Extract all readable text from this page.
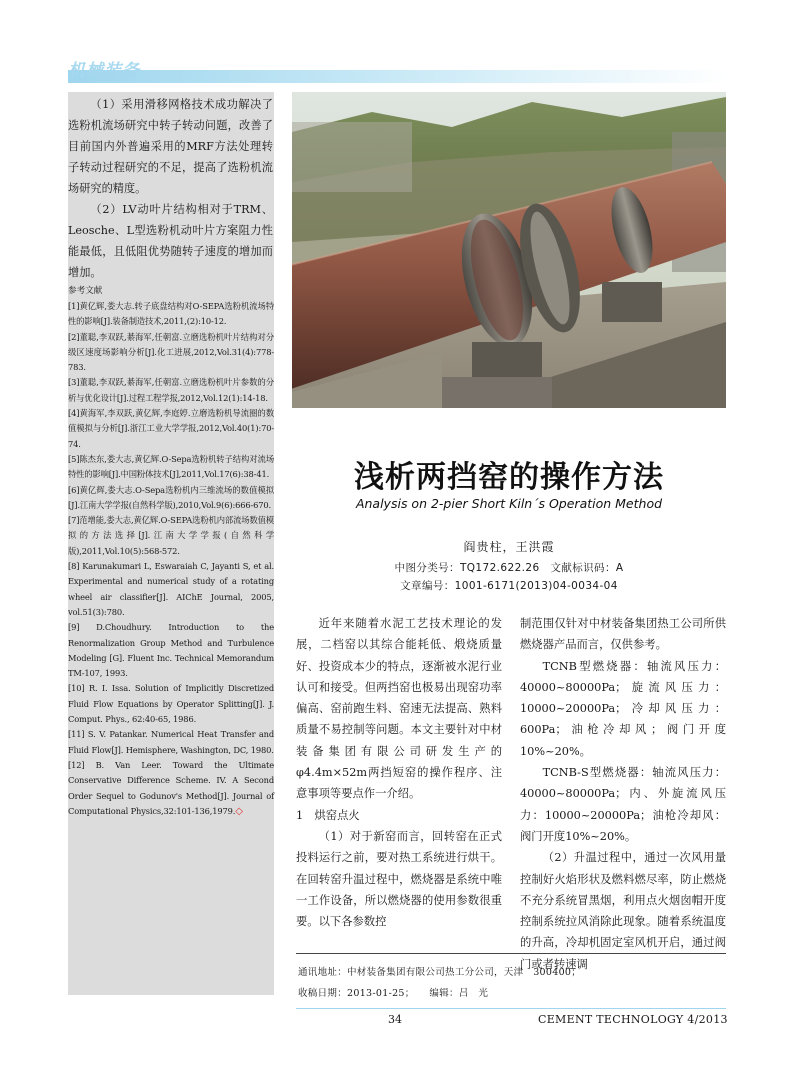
机械装备

（1）采用滑移网格技术成功解决了选粉机流场研究中转子转动问题，改善了目前国内外普遍采用的MRF方法处理转子转动过程研究的不足，提高了选粉机流场研究的精度。

（2）LV动叶片结构相对于TRM、Leosche、L型选粉机动叶片方案阻力性能最低，且低阻优势随转子速度的增加而增加。

参考文献
[1]黄亿辉,娄大志.转子底盘结构对O-SEPA选粉机流场特性的影响[J].装备制造技术,2011,(2):10-12.
[2]董聪,李双跃,綦海军,任朝富.立磨选粉机叶片结构对分级区速度场影响分析[J].化工进展,2012,Vol.31(4):778-783.
[3]董聪,李双跃,綦海军,任朝富.立磨选粉机叶片参数的分析与优化设计[J].过程工程学报,2012,Vol.12(1):14-18.
[4]黄海军,李双跃,黄亿辉,李庭婷.立磨选粉机导流圈的数值模拟与分析[J].浙江工业大学学报,2012,Vol.40(1):70-74.
[5]陈杰东,娄大志,黄亿辉.O-Sepa选粉机转子结构对流场特性的影响[J].中国粉体技术[J],2011,Vol.17(6):38-41.
[6]黄亿辉,娄大志.O-Sepa选粉机内三维流场的数值模拟[J].江南大学学报(自然科学版),2010,Vol.9(6):666-670.
[7]范增能,娄大志,黄亿辉.O-SEPA选粉机内部流场数值模拟的方法选择[J].江南大学学报(自然科学版),2011,Vol.10(5):568-572.
[8] Karunakumari L, Eswaraiah C, Jayanti S, et al. Experimental and numerical study of a rotating wheel air classifier[J]. AIChE Journal, 2005, vol.51(3):780.
[9] D.Choudhury. Introduction to the Renormalization Group Method and Turbulence Modeling [G]. Fluent Inc. Technical Memorandum TM-107, 1993.
[10] R. I. Issa. Solution of Implicitly Discretized Fluid Flow Equations by Operator Splitting[J]. J. Comput. Phys., 62:40-65, 1986.
[11] S. V. Patankar. Numerical Heat Transfer and Fluid Flow[J]. Hemisphere, Washington, DC, 1980.
[12] B. Van Leer. Toward the Ultimate Conservative Difference Scheme. IV. A Second Order Sequel to Godunov's Method[J]. Journal of Computational Physics,32:101-136,1979.◇
浅析两挡窑的操作方法
Analysis on 2-pier Short Kiln´s Operation Method
阎贵柱，王洪霞
中图分类号：TQ172.622.26　文献标识码：A
文章编号：1001-6171(2013)04-0034-04

近年来随着水泥工艺技术理论的发展，二档窑以其综合能耗低、煅烧质量好、投资成本少的特点，逐渐被水泥行业认可和接受。但两挡窑也极易出现窑功率偏高、窑前跑生料、窑速无法提高、熟料质量不易控制等问题。本文主要针对中材装备集团有限公司研发生产的φ4.4m×52m两挡短窑的操作程序、注意事项等要点作一介绍。

1　烘窑点火

（1）对于新窑而言，回转窑在正式投料运行之前，要对热工系统进行烘干。在回转窑升温过程中，燃烧器是系统中唯一工作设备，所以燃烧器的使用参数很重要。以下各参数控

制范围仅针对中材装备集团热工公司所供燃烧器产品而言，仅供参考。

TCNB型燃烧器：轴流风压力：40000~80000Pa；旋流风压力：10000~20000Pa；冷却风压力：600Pa；油枪冷却风；阀门开度10%~20%。

TCNB-S型燃烧器：轴流风压力：40000~80000Pa；内、外旋流风压力：10000~20000Pa；油枪冷却风：阀门开度10%~20%。

（2）升温过程中，通过一次风用量控制好火焰形状及燃料燃尽率，防止燃烧不充分系统冒黑烟，利用点火烟囱帽开度控制系统拉风消除此现象。随着系统温度的升高，冷却机固定室风机开启，通过阀门或者转速调

通讯地址：中材装备集团有限公司热工分公司，天津　300400；
收稿日期：2013-01-25；　　编辑：吕　光
34	CEMENT TECHNOLOGY 4/2013
